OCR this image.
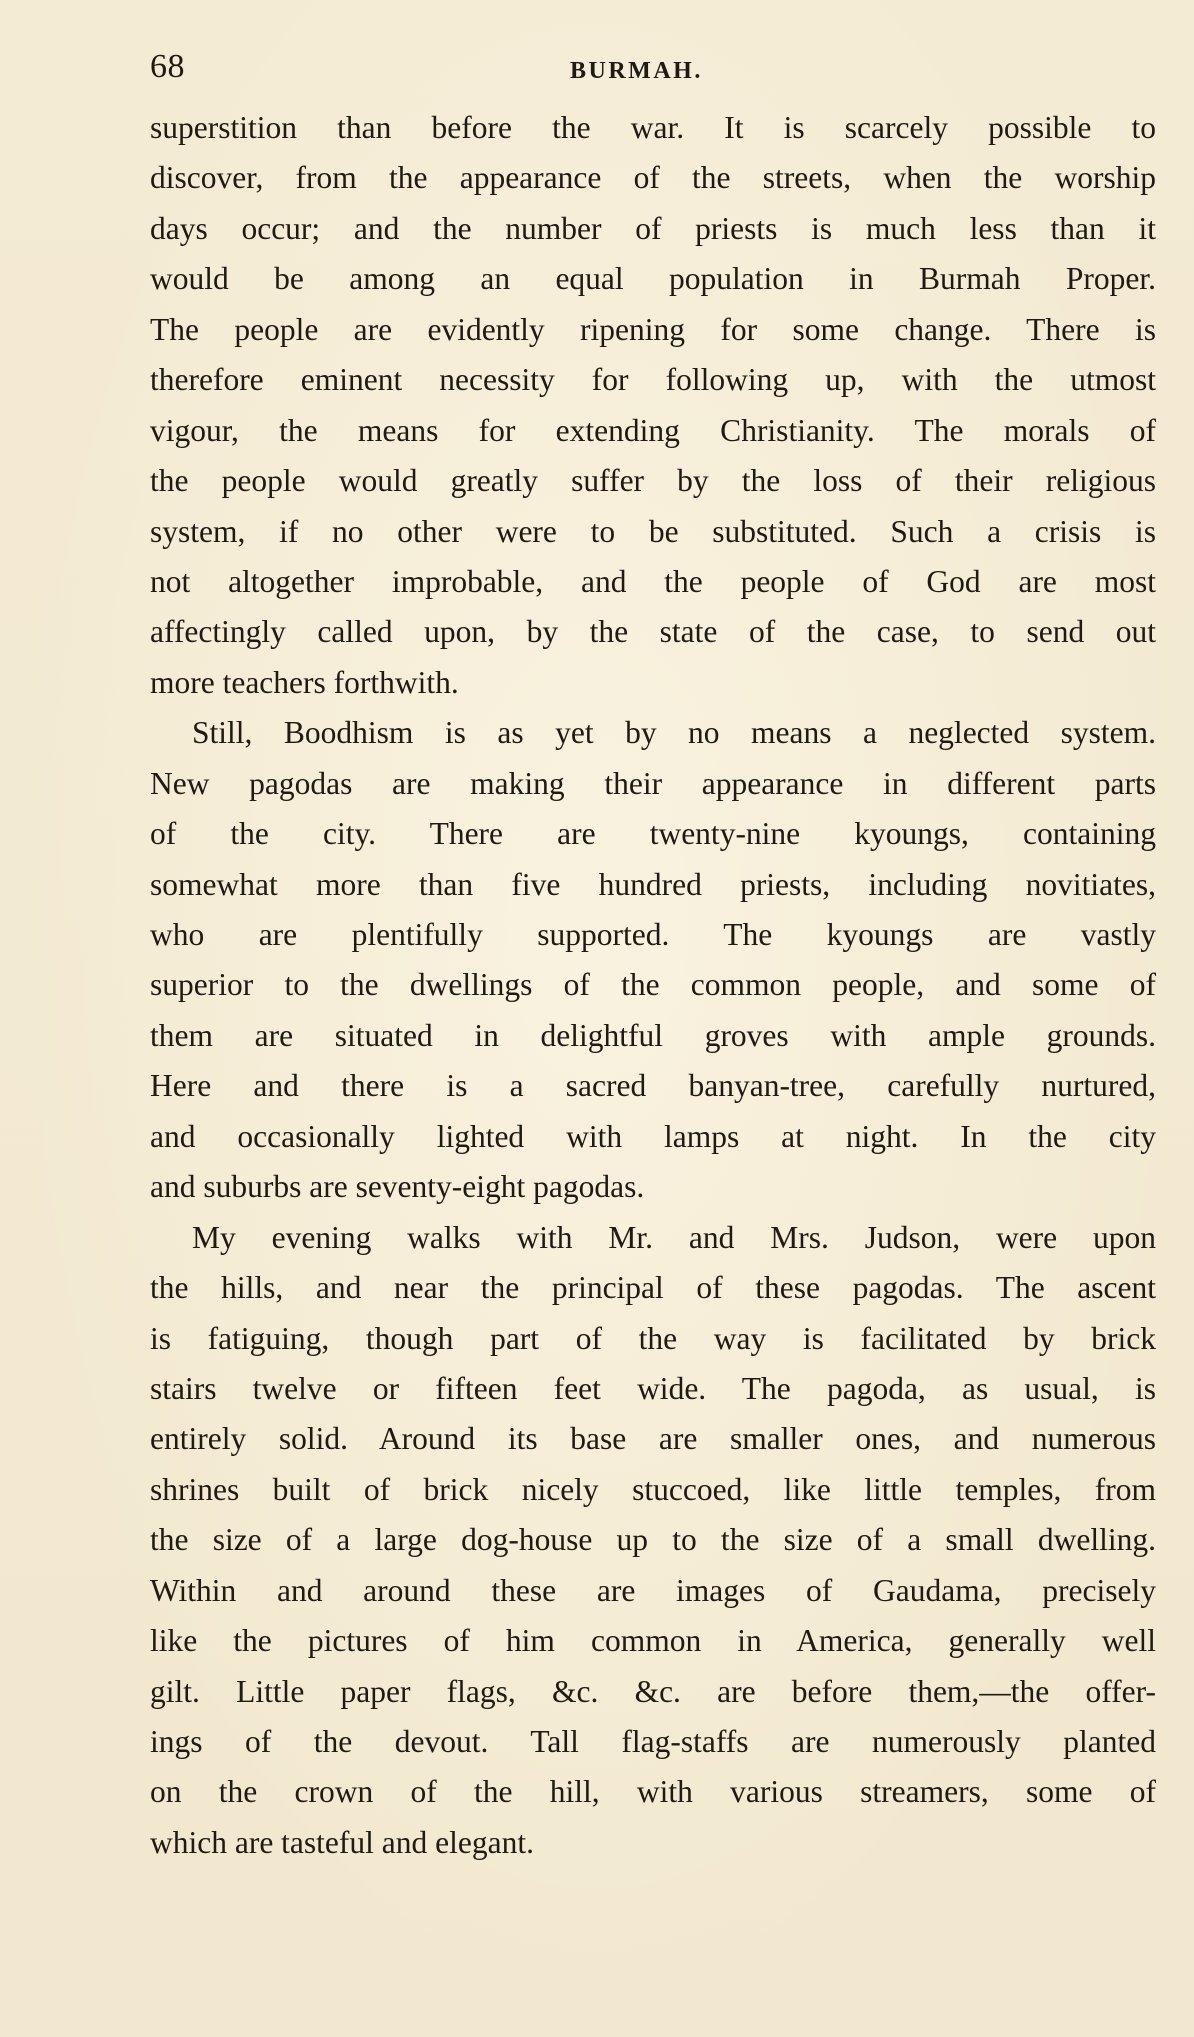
68	BURMAH.
superstition than before the war. It is scarcely possible to
discover, from the appearance of the streets, when the worship
days occur; and the number of priests is much less than it
would be among an equal population in Burmah Proper.
The people are evidently ripening for some change. There is
therefore eminent necessity for following up, with the utmost
vigour, the means for extending Christianity. The morals of
the people would greatly suffer by the loss of their religious
system, if no other were to be substituted. Such a crisis is
not altogether improbable, and the people of God are most
affectingly called upon, by the state of the case, to send out
more teachers forthwith.
Still, Boodhism is as yet by no means a neglected system.
New pagodas are making their appearance in different parts
of the city. There are twenty-nine kyoungs, containing
somewhat more than five hundred priests, including novitiates,
who are plentifully supported. The kyoungs are vastly
superior to the dwellings of the common people, and some of
them are situated in delightful groves with ample grounds.
Here and there is a sacred banyan-tree, carefully nurtured,
and occasionally lighted with lamps at night. In the city
and suburbs are seventy-eight pagodas.
My evening walks with Mr. and Mrs. Judson, were upon
the hills, and near the principal of these pagodas. The ascent
is fatiguing, though part of the way is facilitated by brick
stairs twelve or fifteen feet wide. The pagoda, as usual, is
entirely solid. Around its base are smaller ones, and numerous
shrines built of brick nicely stuccoed, like little temples, from
the size of a large dog-house up to the size of a small dwelling.
Within and around these are images of Gaudama, precisely
like the pictures of him common in America, generally well
gilt. Little paper flags, &c. &c. are before them,—the offer-
ings of the devout. Tall flag-staffs are numerously planted
on the crown of the hill, with various streamers, some of
which are tasteful and elegant.
